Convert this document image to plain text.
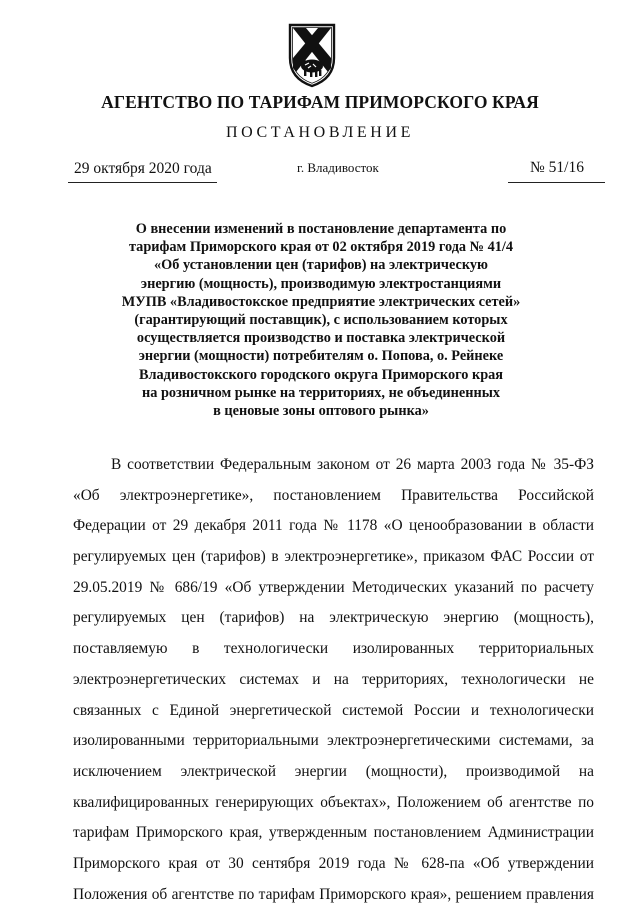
АГЕНТСТВО ПО ТАРИФАМ ПРИМОРСКОГО КРАЯ
ПОСТАНОВЛЕНИЕ
29 октября 2020 года	г. Владивосток	№ 51/16
О внесении изменений в постановление департамента по
тарифам Приморского края от 02 октября 2019 года № 41/4
«Об установлении цен (тарифов) на электрическую
энергию (мощность), производимую электростанциями
МУПВ «Владивостокское предприятие электрических сетей»
(гарантирующий поставщик), с использованием которых
осуществляется производство и поставка электрической
энергии (мощности) потребителям о. Попова, о. Рейнеке
Владивостокского городского округа Приморского края
на розничном рынке на территориях, не объединенных
в ценовые зоны оптового рынка»
В соответствии Федеральным законом от 26 марта 2003 года № 35-ФЗ
«Об электроэнергетике», постановлением Правительства Российской
Федерации от 29 декабря 2011 года № 1178 «О ценообразовании в области
регулируемых цен (тарифов) в электроэнергетике», приказом ФАС России от
29.05.2019 № 686/19 «Об утверждении Методических указаний по расчету
регулируемых цен (тарифов) на электрическую энергию (мощность),
поставляемую в технологически изолированных территориальных
электроэнергетических системах и на территориях, технологически не
связанных с Единой энергетической системой России и технологически
изолированными территориальными электроэнергетическими системами, за
исключением электрической энергии (мощности), производимой на
квалифицированных генерирующих объектах», Положением об агентстве по
тарифам Приморского края, утвержденным постановлением Администрации
Приморского края от 30 сентября 2019 года № 628-па «Об утверждении
Положения об агентстве по тарифам Приморского края», решением правления
